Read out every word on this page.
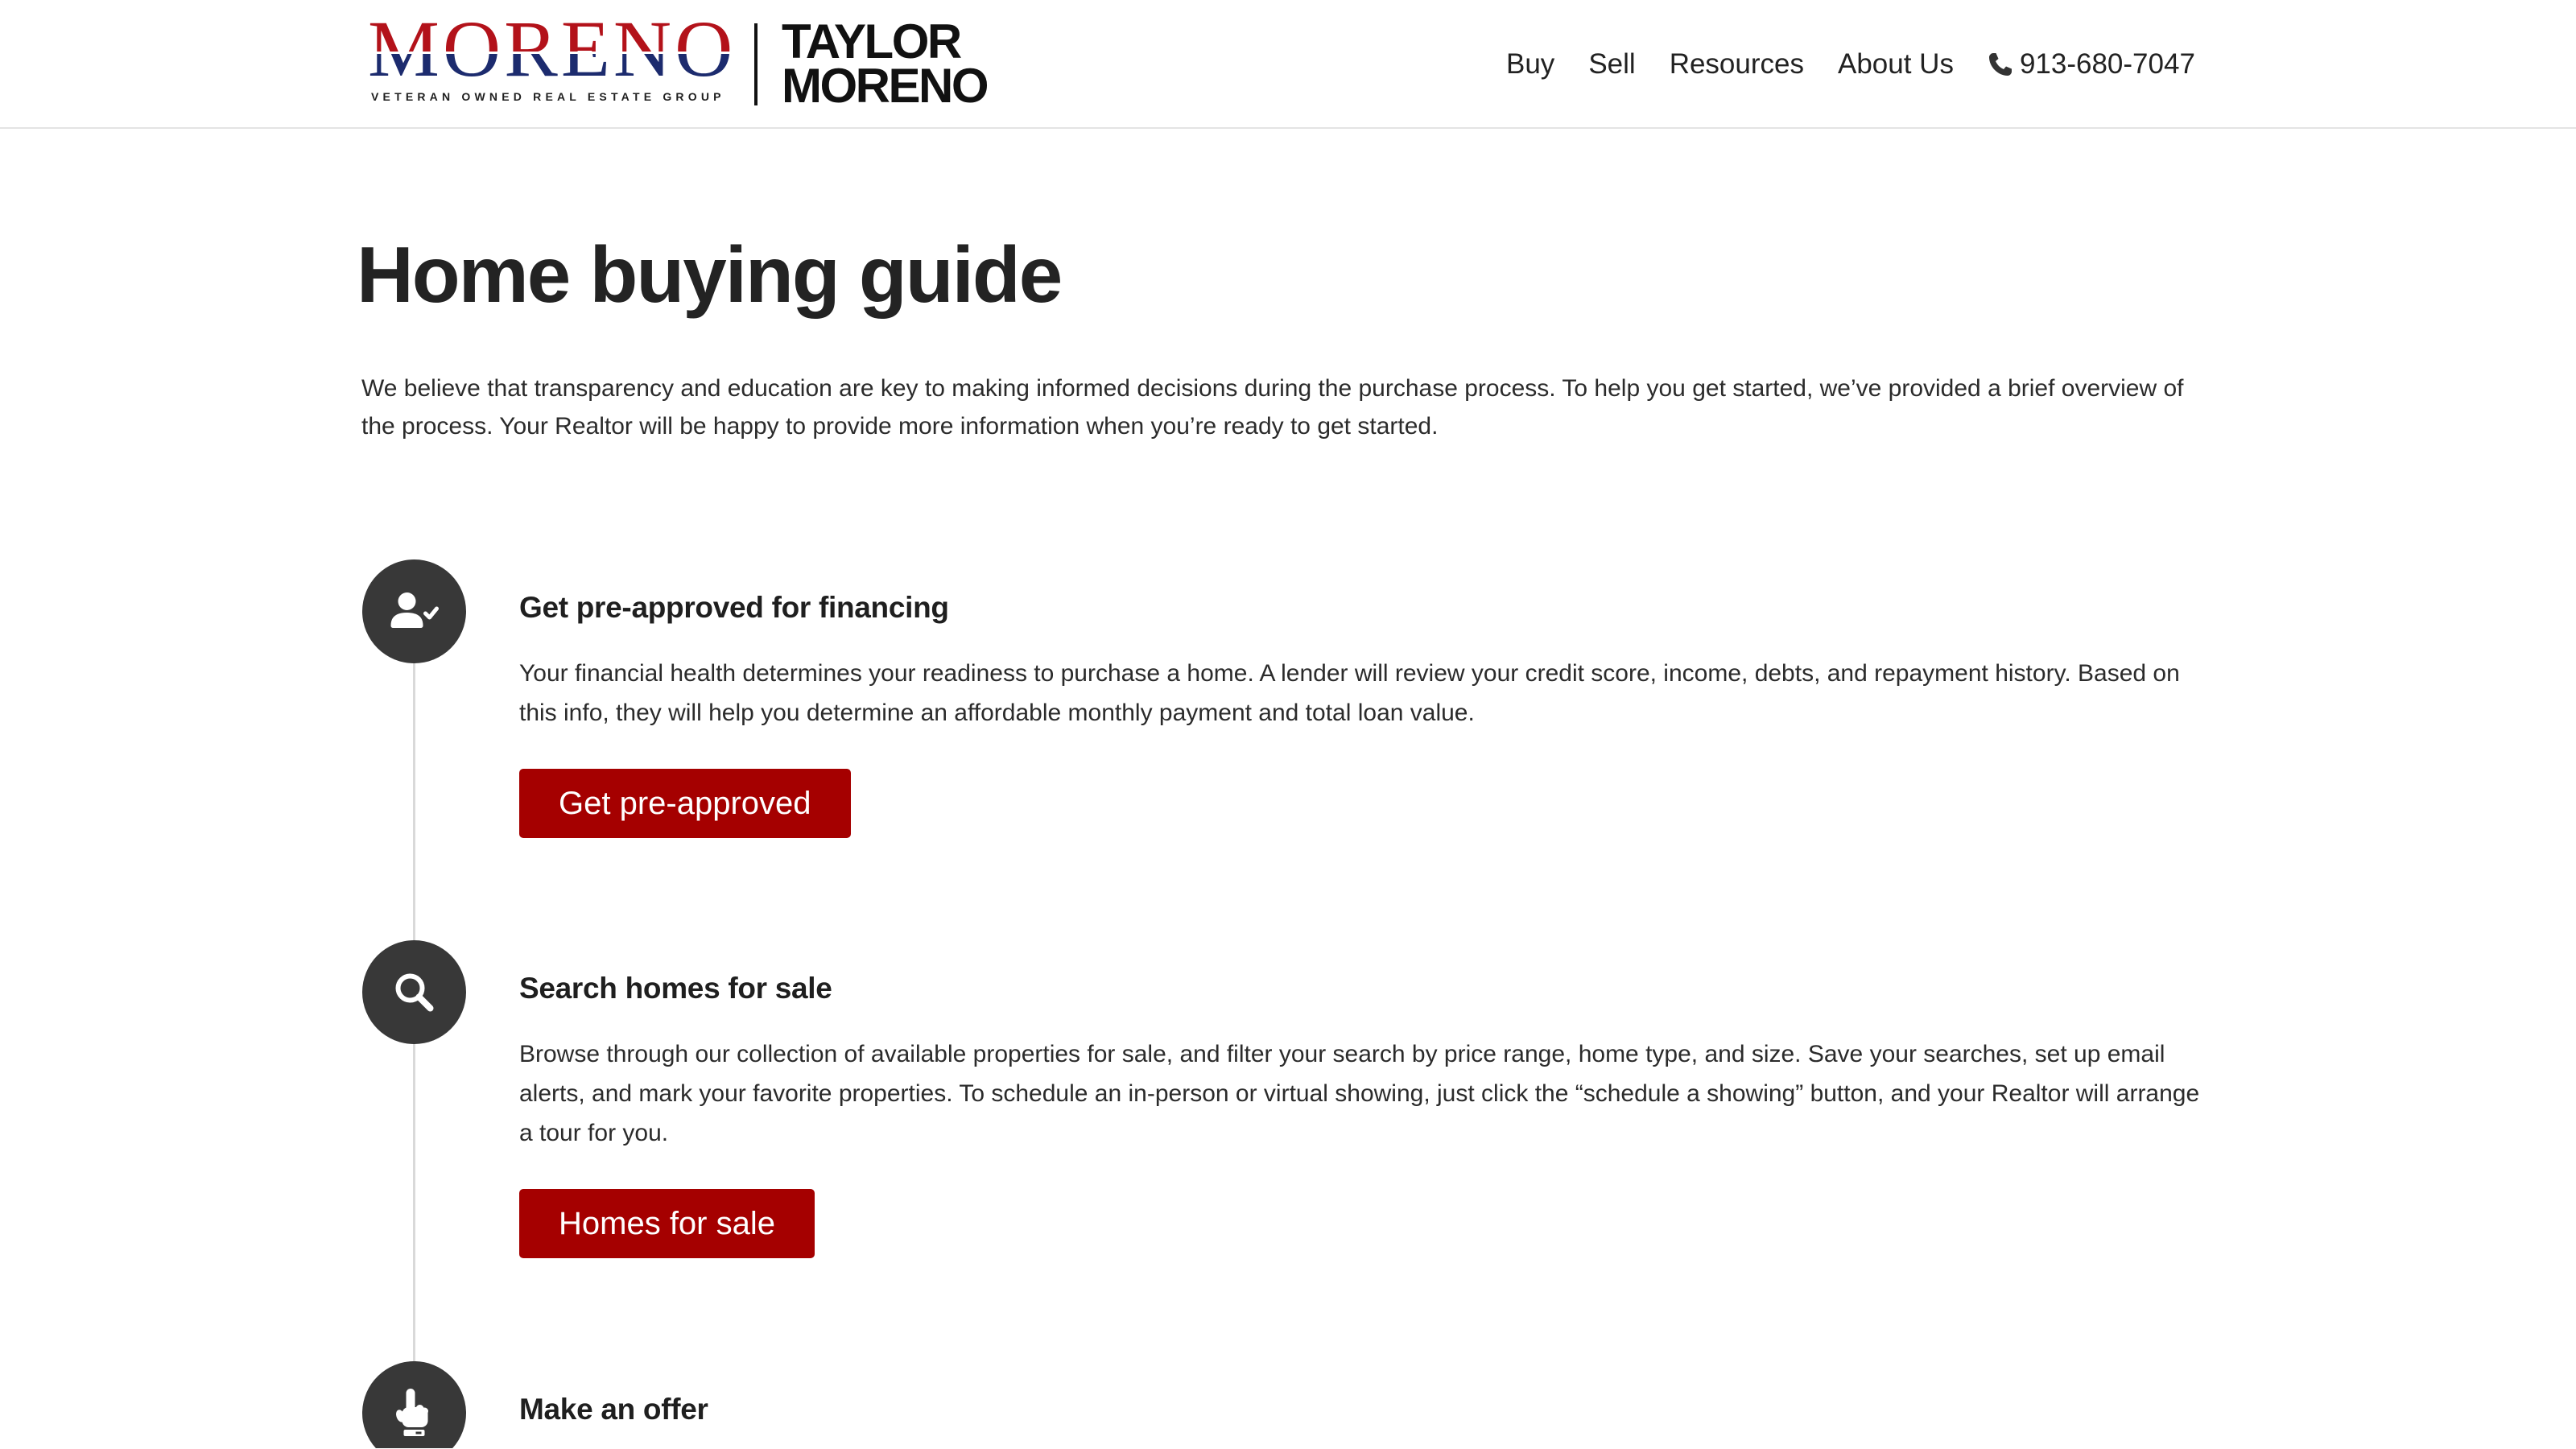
MORENO
VETERAN OWNED REAL ESTATE GROUP
TAYLOR
MORENO	Buy Sell Resources About Us 913-680-7047
Home buying guide

We believe that transparency and education are key to making informed decisions during the purchase process. To help you get started, we’ve provided a brief overview of the process. Your Realtor will be happy to provide more information when you’re ready to get started.

Get pre-approved for financing

Your financial health determines your readiness to purchase a home. A lender will review your credit score, income, debts, and repayment history. Based on this info, they will help you determine an affordable monthly payment and total loan value.

Get pre-approved
Search homes for sale

Browse through our collection of available properties for sale, and filter your search by price range, home type, and size. Save your searches, set up email alerts, and mark your favorite properties. To schedule an in-person or virtual showing, just click the “schedule a showing” button, and your Realtor will arrange a tour for you.

Homes for sale
Make an offer
